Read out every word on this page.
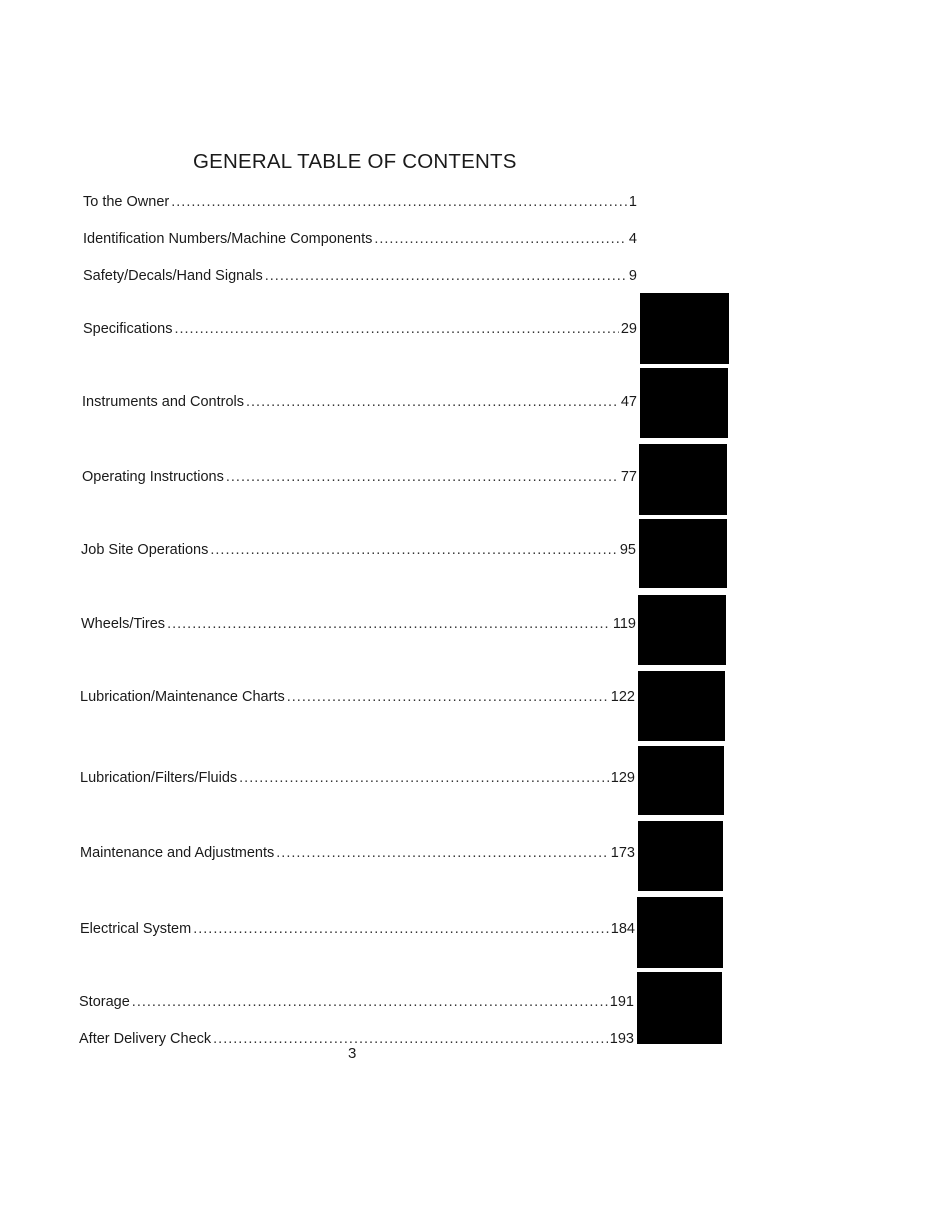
GENERAL TABLE OF CONTENTS
To the Owner .....	1
Identification Numbers/Machine Components .....	4
Safety/Decals/Hand Signals .....	9
Specifications .....	29
Instruments and Controls .....	47
Operating Instructions .....	77
Job Site Operations .....	95
Wheels/Tires .....	119
Lubrication/Maintenance Charts .....	122
Lubrication/Filters/Fluids .....	129
Maintenance and Adjustments .....	173
Electrical System .....	184
Storage .....	191
After Delivery Check .....	193
3
